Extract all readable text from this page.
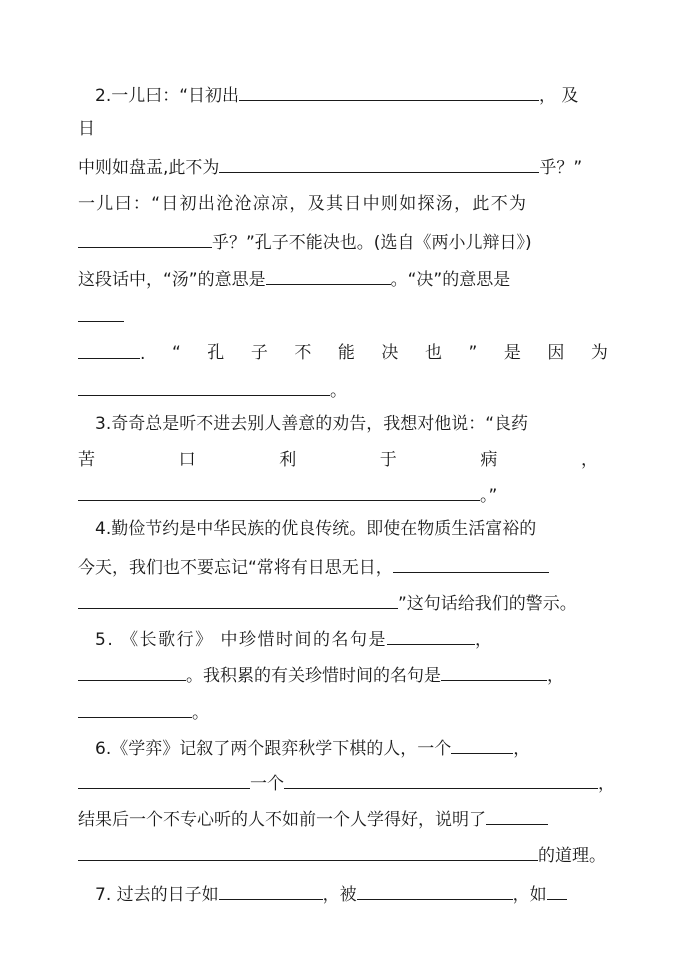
2.一儿曰：“日初出	， 及
日
中则如盘盂,此不为	乎？”
一儿曰：“日初出沧沧凉凉，及其日中则如探汤，此不为
乎？”孔子不能决也。(选自《两小儿辩日》)
这段话中，“汤”的意思是	。“决”的意思是
. “ 孔 子 不 能 决 也 ” 是 因 为
。
3.奇奇总是听不进去别人善意的劝告，我想对他说：“良药
苦	口	利	于	病	，
。”
4.勤俭节约是中华民族的优良传统。即使在物质生活富裕的
今天，我们也不要忘记“常将有日思无日，
”这句话给我们的警示。
5. 《长歌行》 中珍惜时间的名句是	，
。我积累的有关珍惜时间的名句是	，
。
6.《学弈》记叙了两个跟弈秋学下棋的人，一个	，
一个	，
结果后一个不专心听的人不如前一个人学得好，说明了
的道理。
7. 过去的日子如	，被	，如
